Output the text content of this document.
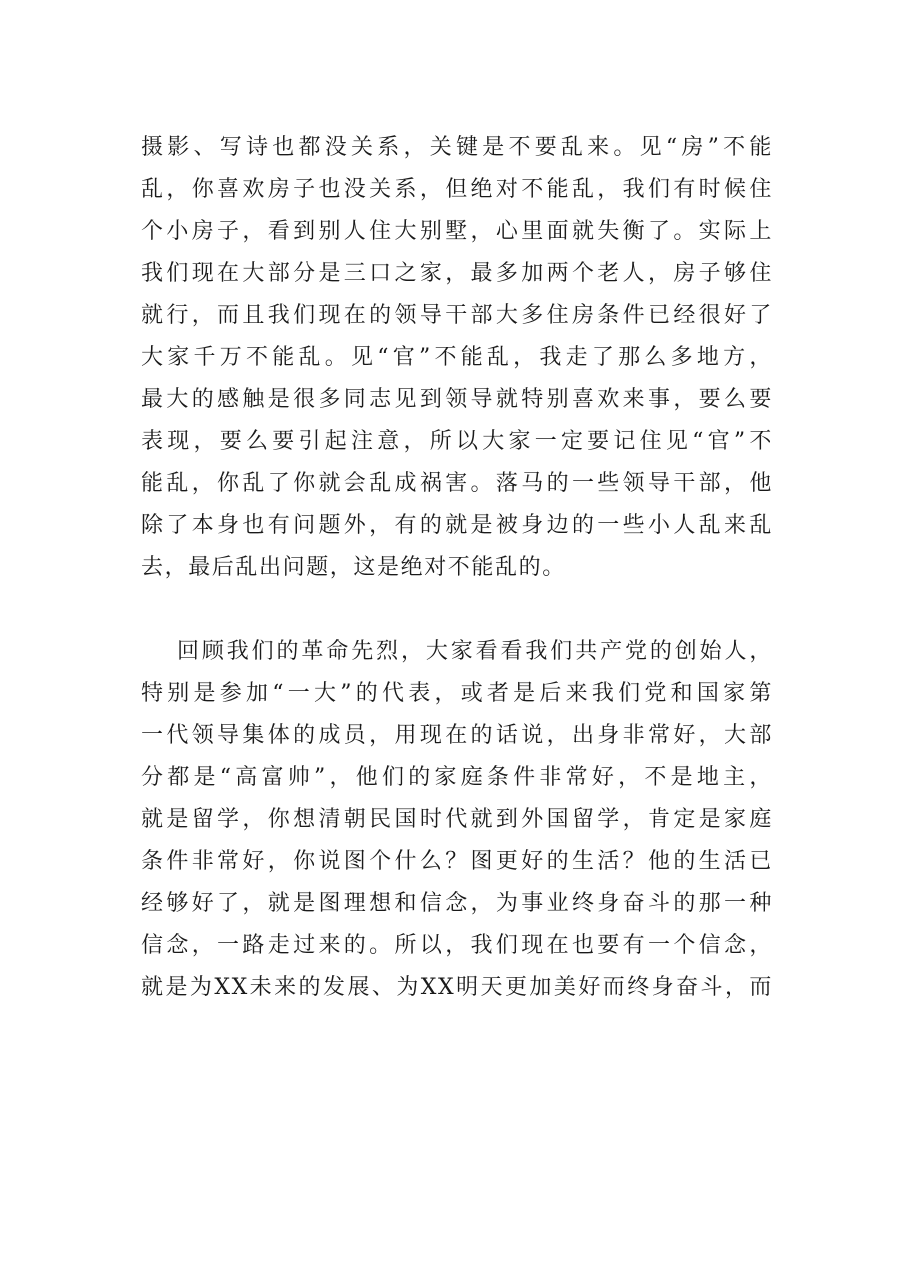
摄影、写诗也都没关系，关键是不要乱来。见“房”不能
乱，你喜欢房子也没关系，但绝对不能乱，我们有时候住
个小房子，看到别人住大别墅，心里面就失衡了。实际上
我们现在大部分是三口之家，最多加两个老人，房子够住
就行，而且我们现在的领导干部大多住房条件已经很好了
大家千万不能乱。见“官”不能乱，我走了那么多地方，
最大的感触是很多同志见到领导就特别喜欢来事，要么要
表现，要么要引起注意，所以大家一定要记住见“官”不
能乱，你乱了你就会乱成祸害。落马的一些领导干部，他
除了本身也有问题外，有的就是被身边的一些小人乱来乱
去，最后乱出问题，这是绝对不能乱的。
回顾我们的革命先烈，大家看看我们共产党的创始人，
特别是参加“一大”的代表，或者是后来我们党和国家第
一代领导集体的成员，用现在的话说，出身非常好，大部
分都是“高富帅”，他们的家庭条件非常好，不是地主，
就是留学，你想清朝民国时代就到外国留学，肯定是家庭
条件非常好，你说图个什么？图更好的生活？他的生活已
经够好了，就是图理想和信念，为事业终身奋斗的那一种
信念，一路走过来的。所以，我们现在也要有一个信念，
就是为XX未来的发展、为XX明天更加美好而终身奋斗，而
